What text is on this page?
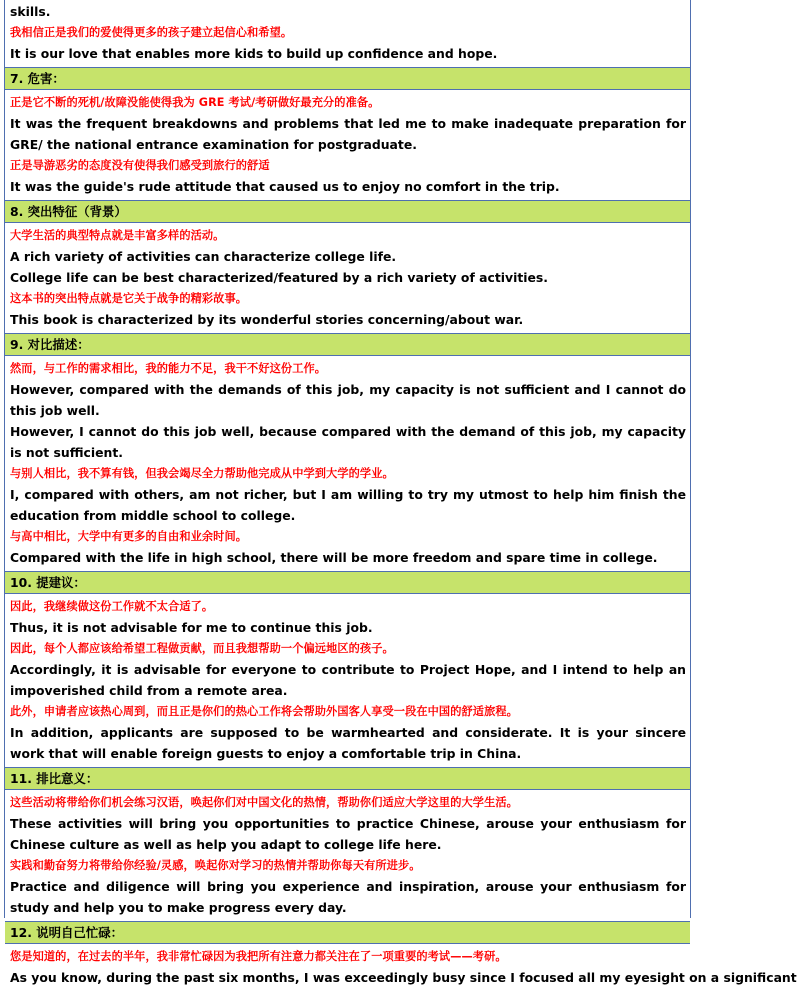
skills.
我相信正是我们的爱使得更多的孩子建立起信心和希望。
It is our love that enables more kids to build up confidence and hope.
7. 危害：
正是它不断的死机/故障没能使得我为 GRE 考试/考研做好最充分的准备。
It was the frequent breakdowns and problems that led me to make inadequate preparation for GRE/ the national entrance examination for postgraduate.
正是导游恶劣的态度没有使得我们感受到旅行的舒适
It was the guide's rude attitude that caused us to enjoy no comfort in the trip.
8. 突出特征（背景）
大学生活的典型特点就是丰富多样的活动。
A rich variety of activities can characterize college life.
College life can be best characterized/featured by a rich variety of activities.
这本书的突出特点就是它关于战争的精彩故事。
This book is characterized by its wonderful stories concerning/about war.
9. 对比描述：
然而，与工作的需求相比，我的能力不足，我干不好这份工作。
However, compared with the demands of this job, my capacity is not sufficient and I cannot do this job well.
However, I cannot do this job well, because compared with the demand of this job, my capacity is not sufficient.
与别人相比，我不算有钱，但我会竭尽全力帮助他完成从中学到大学的学业。
I, compared with others, am not richer, but I am willing to try my utmost to help him finish the education from middle school to college.
与高中相比，大学中有更多的自由和业余时间。
Compared with the life in high school, there will be more freedom and spare time in college.
10. 提建议：
因此，我继续做这份工作就不太合适了。
Thus, it is not advisable for me to continue this job.
因此，每个人都应该给希望工程做贡献，而且我想帮助一个偏远地区的孩子。
Accordingly, it is advisable for everyone to contribute to Project Hope, and I intend to help an impoverished child from a remote area.
此外，申请者应该热心周到，而且正是你们的热心工作将会帮助外国客人享受一段在中国的舒适旅程。
In addition, applicants are supposed to be warmhearted and considerate. It is your sincere work that will enable foreign guests to enjoy a comfortable trip in China.
11. 排比意义：
这些活动将带给你们机会练习汉语，唤起你们对中国文化的热情，帮助你们适应大学这里的大学生活。
These activities will bring you opportunities to practice Chinese, arouse your enthusiasm for Chinese culture as well as help you adapt to college life here.
实践和勤奋努力将带给你经验/灵感，唤起你对学习的热情并帮助你每天有所进步。
Practice and diligence will bring you experience and inspiration, arouse your enthusiasm for study and help you to make progress every day.
12. 说明自己忙碌：
您是知道的，在过去的半年，我非常忙碌因为我把所有注意力都关注在了一项重要的考试——考研。
As you know, during the past six months, I was exceedingly busy since I focused all my eyesight on a significant
